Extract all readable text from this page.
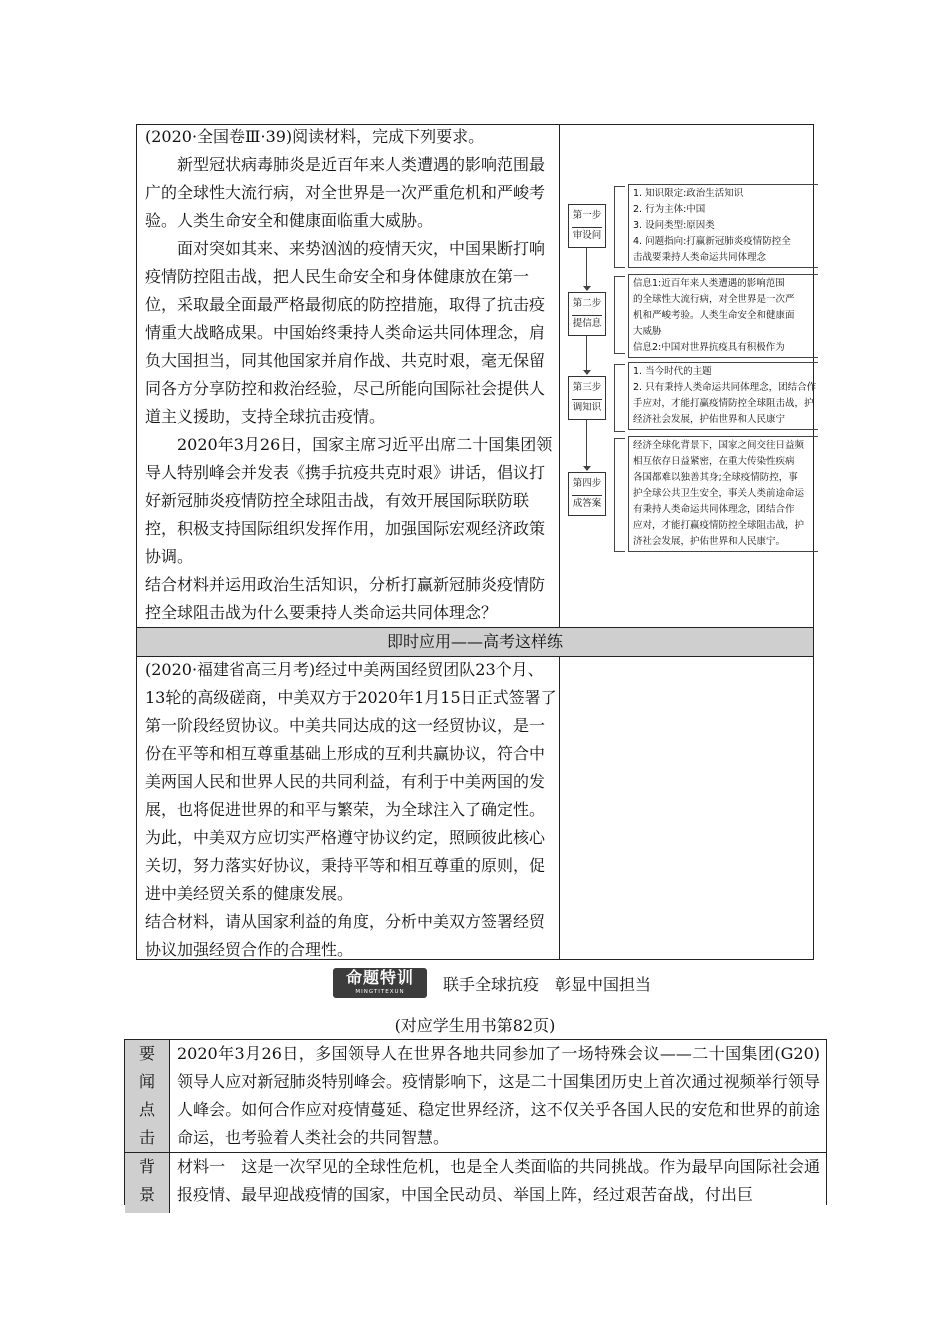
(2020·全国卷Ⅲ·39)阅读材料，完成下列要求。

新型冠状病毒肺炎是近百年来人类遭遇的影响范围最广的全球性大流行病，对全世界是一次严重危机和严峻考验。人类生命安全和健康面临重大威胁。

面对突如其来、来势汹汹的疫情天灾，中国果断打响疫情防控阻击战，把人民生命安全和身体健康放在第一位，采取最全面最严格最彻底的防控措施，取得了抗击疫情重大战略成果。中国始终秉持人类命运共同体理念，肩负大国担当，同其他国家并肩作战、共克时艰，毫无保留同各方分享防控和救治经验，尽己所能向国际社会提供人道主义援助，支持全球抗击疫情。

2020年3月26日，国家主席习近平出席二十国集团领导人特别峰会并发表《携手抗疫共克时艰》讲话，倡议打好新冠肺炎疫情防控全球阻击战，有效开展国际联防联控，积极支持国际组织发挥作用，加强国际宏观经济政策协调。

结合材料并运用政治生活知识，分析打赢新冠肺炎疫情防控全球阻击战为什么要秉持人类命运共同体理念？

即时应用——高考这样练

(2020·福建省高三月考)经过中美两国经贸团队23个月、13轮的高级磋商，中美双方于2020年1月15日正式签署了第一阶段经贸协议。中美共同达成的这一经贸协议，是一份在平等和相互尊重基础上形成的互利共赢协议，符合中美两国人民和世界人民的共同利益，有利于中美两国的发展，也将促进世界的和平与繁荣，为全球注入了确定性。为此，中美双方应切实严格遵守协议约定，照顾彼此核心关切，努力落实好协议，秉持平等和相互尊重的原则，促进中美经贸关系的健康发展。

结合材料，请从国家利益的角度，分析中美双方签署经贸协议加强经贸合作的合理性。

第一步
审设问
1. 知识限定:政治生活知识
2. 行为主体:中国
3. 设问类型:原因类
4. 问题指向:打赢新冠肺炎疫情防控全
击战要秉持人类命运共同体理念
第二步
提信息
信息1:近百年来人类遭遇的影响范围
的全球性大流行病，对全世界是一次严
机和严峻考验。人类生命安全和健康面
大威胁
信息2:中国对世界抗疫具有积极作为
第三步
调知识
1. 当今时代的主题
2. 只有秉持人类命运共同体理念，团结合作
手应对，才能打赢疫情防控全球阻击战，护
经济社会发展，护佑世界和人民康宁
第四步
成答案
经济全球化背景下，国家之间交往日益频
相互依存日益紧密，在重大传染性疾病
各国都难以独善其身;全球疫情防控，事
护全球公共卫生安全，事关人类前途命运
有秉持人类命运共同体理念，团结合作
应对，才能打赢疫情防控全球阻击战，护
济社会发展，护佑世界和人民康宁。
命题特训
MINGTITEXUN	联手全球抗疫　彰显中国担当
(对应学生用书第82页)
要
闻
点
击
2020年3月26日，多国领导人在世界各地共同参加了一场特殊会议——二十国集团(G20)领导人应对新冠肺炎特别峰会。疫情影响下，这是二十国集团历史上首次通过视频举行领导人峰会。如何合作应对疫情蔓延、稳定世界经济，这不仅关乎各国人民的安危和世界的前途命运，也考验着人类社会的共同智慧。
背
景
材料一　这是一次罕见的全球性危机，也是全人类面临的共同挑战。作为最早向国际社会通报疫情、最早迎战疫情的国家，中国全民动员、举国上阵，经过艰苦奋战，付出巨
